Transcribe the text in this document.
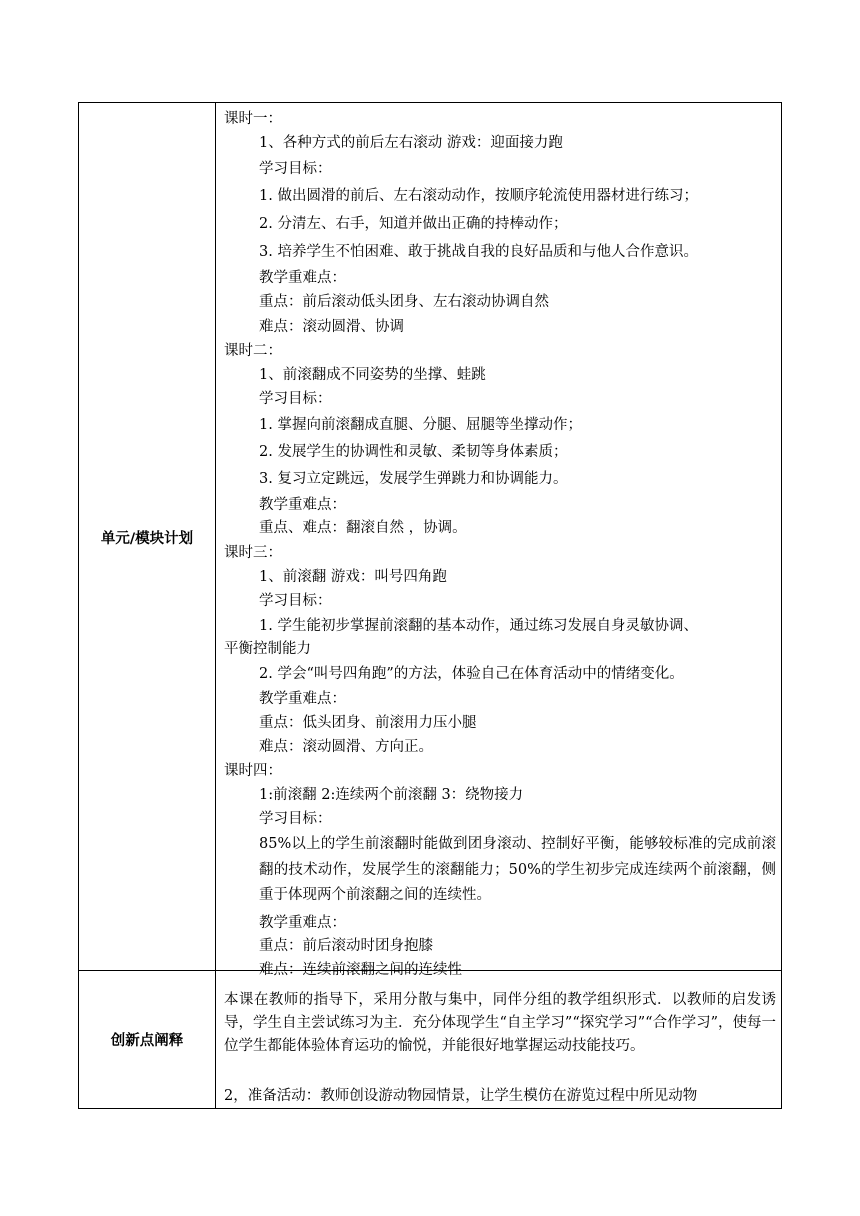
单元/模块计划
创新点阐释
课时一：
1、各种方式的前后左右滚动 游戏：迎面接力跑
学习目标：
1. 做出圆滑的前后、左右滚动动作，按顺序轮流使用器材进行练习；
2. 分清左、右手，知道并做出正确的持棒动作；
3. 培养学生不怕困难、敢于挑战自我的良好品质和与他人合作意识。
教学重难点：
重点：前后滚动低头团身、左右滚动协调自然
难点：滚动圆滑、协调
课时二：
1、前滚翻成不同姿势的坐撑、蛙跳
学习目标：
1. 掌握向前滚翻成直腿、分腿、屈腿等坐撑动作；
2. 发展学生的协调性和灵敏、柔韧等身体素质；
3. 复习立定跳远，发展学生弹跳力和协调能力。
教学重难点：
重点、难点：翻滚自然 ，协调。
课时三：
1、前滚翻 游戏：叫号四角跑
学习目标：
1. 学生能初步掌握前滚翻的基本动作，通过练习发展自身灵敏协调、
平衡控制能力
2. 学会“叫号四角跑”的方法，体验自己在体育活动中的情绪变化。
教学重难点：
重点：低头团身、前滚用力压小腿
难点：滚动圆滑、方向正。
课时四：
1:前滚翻 2:连续两个前滚翻 3：绕物接力
学习目标：
85%以上的学生前滚翻时能做到团身滚动、控制好平衡，能够较标准的完成前滚翻的技术动作，发展学生的滚翻能力；50%的学生初步完成连续两个前滚翻，侧重于体现两个前滚翻之间的连续性。
教学重难点：
重点：前后滚动时团身抱膝
难点：连续前滚翻之间的连续性
本课在教师的指导下，采用分散与集中，同伴分组的教学组织形式．以教师的启发诱导，学生自主尝试练习为主．充分体现学生“自主学习”“探究学习”“合作学习”，使每一位学生都能体验体育运功的愉悦，并能很好地掌握运动技能技巧。
2，准备活动：教师创设游动物园情景，让学生模仿在游览过程中所见动物
